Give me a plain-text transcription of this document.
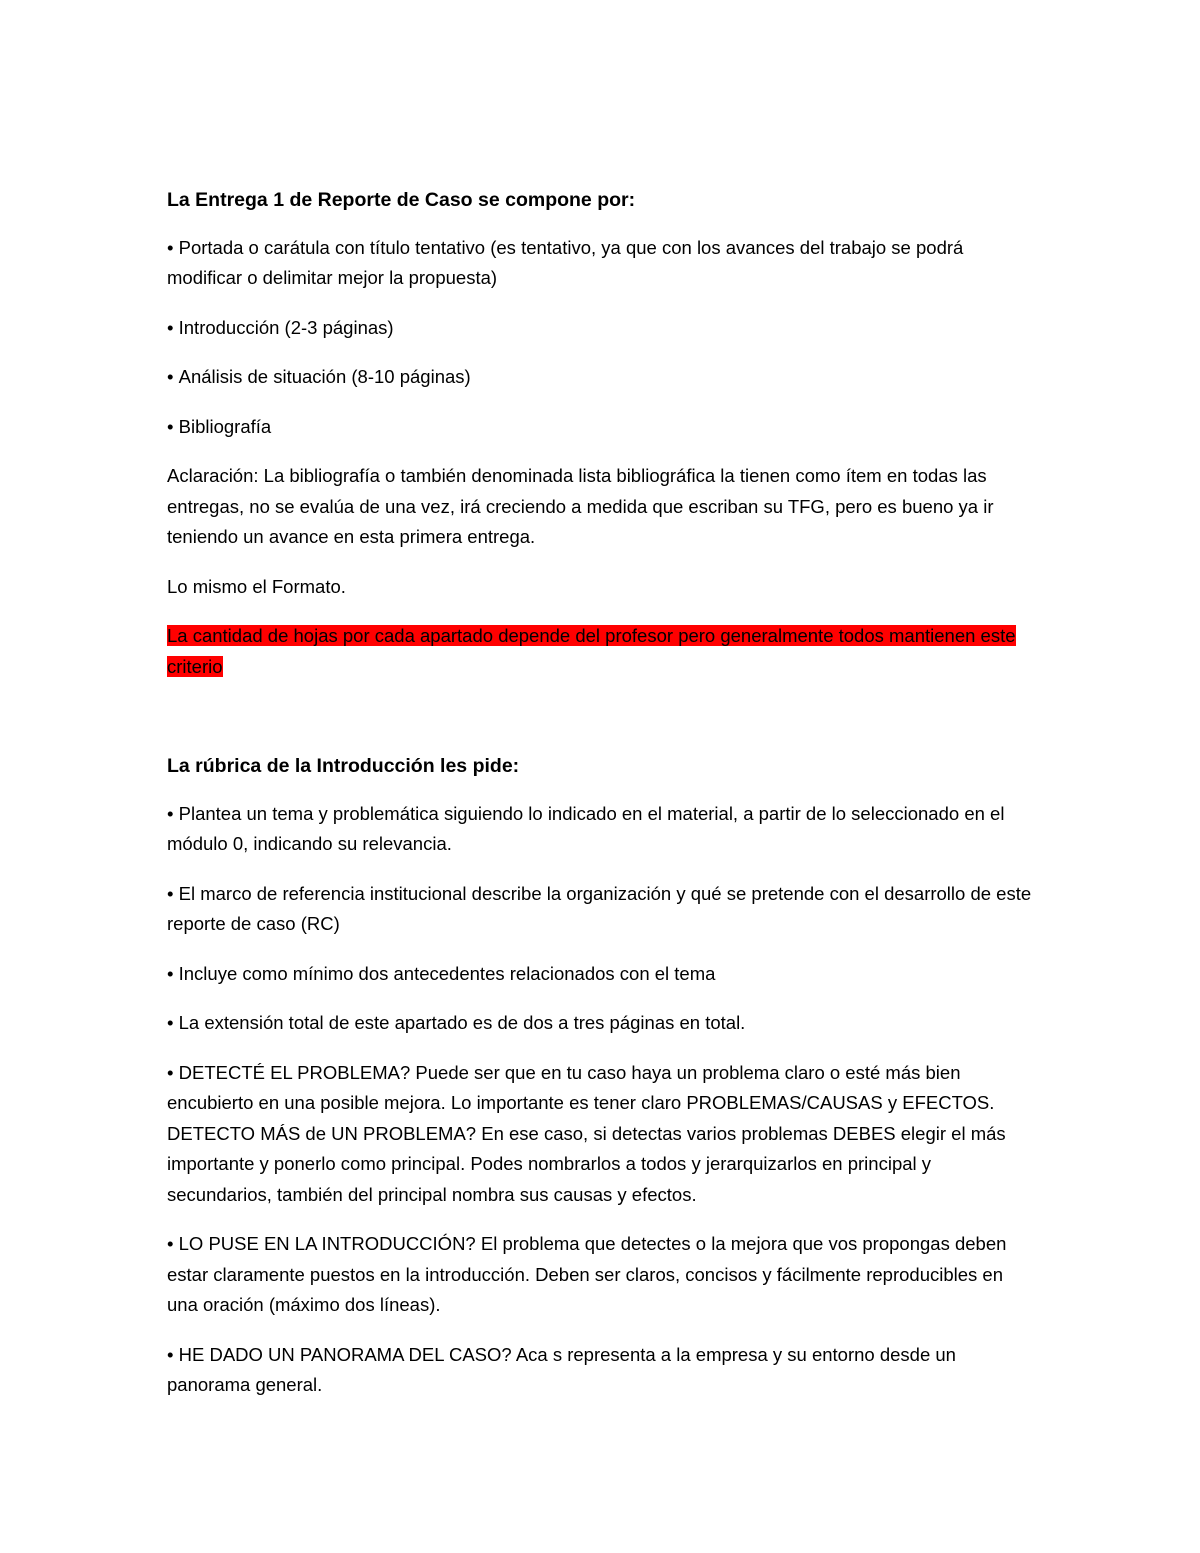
La Entrega 1 de Reporte de Caso se compone por:
• Portada o carátula con título tentativo (es tentativo, ya que con los avances del trabajo se podrá modificar o delimitar mejor la propuesta)
• Introducción (2-3 páginas)
• Análisis de situación (8-10 páginas)
• Bibliografía
Aclaración: La bibliografía o también denominada lista bibliográfica la tienen como ítem en todas las entregas, no se evalúa de una vez, irá creciendo a medida que escriban su TFG, pero es bueno ya ir teniendo un avance en esta primera entrega.
Lo mismo el Formato.
La cantidad de hojas por cada apartado depende del profesor pero generalmente todos mantienen este criterio
La rúbrica de la Introducción les pide:
• Plantea un tema y problemática siguiendo lo indicado en el material, a partir de lo seleccionado en el módulo 0, indicando su relevancia.
• El marco de referencia institucional describe la organización y qué se pretende con el desarrollo de este reporte de caso (RC)
• Incluye como mínimo dos antecedentes relacionados con el tema
• La extensión total de este apartado es de dos a tres páginas en total.
• DETECTÉ EL PROBLEMA? Puede ser que en tu caso haya un problema claro o esté más bien encubierto en una posible mejora. Lo importante es tener claro PROBLEMAS/CAUSAS y EFECTOS. DETECTO MÁS de UN PROBLEMA? En ese caso, si detectas varios problemas DEBES elegir el más importante y ponerlo como principal. Podes nombrarlos a todos y jerarquizarlos en principal y secundarios, también del principal nombra sus causas y efectos.
• LO PUSE EN LA INTRODUCCIÓN? El problema que detectes o la mejora que vos propongas deben estar claramente puestos en la introducción. Deben ser claros, concisos y fácilmente reproducibles en una oración (máximo dos líneas).
• HE DADO UN PANORAMA DEL CASO? Aca s representa a la empresa y su entorno desde un panorama general.
